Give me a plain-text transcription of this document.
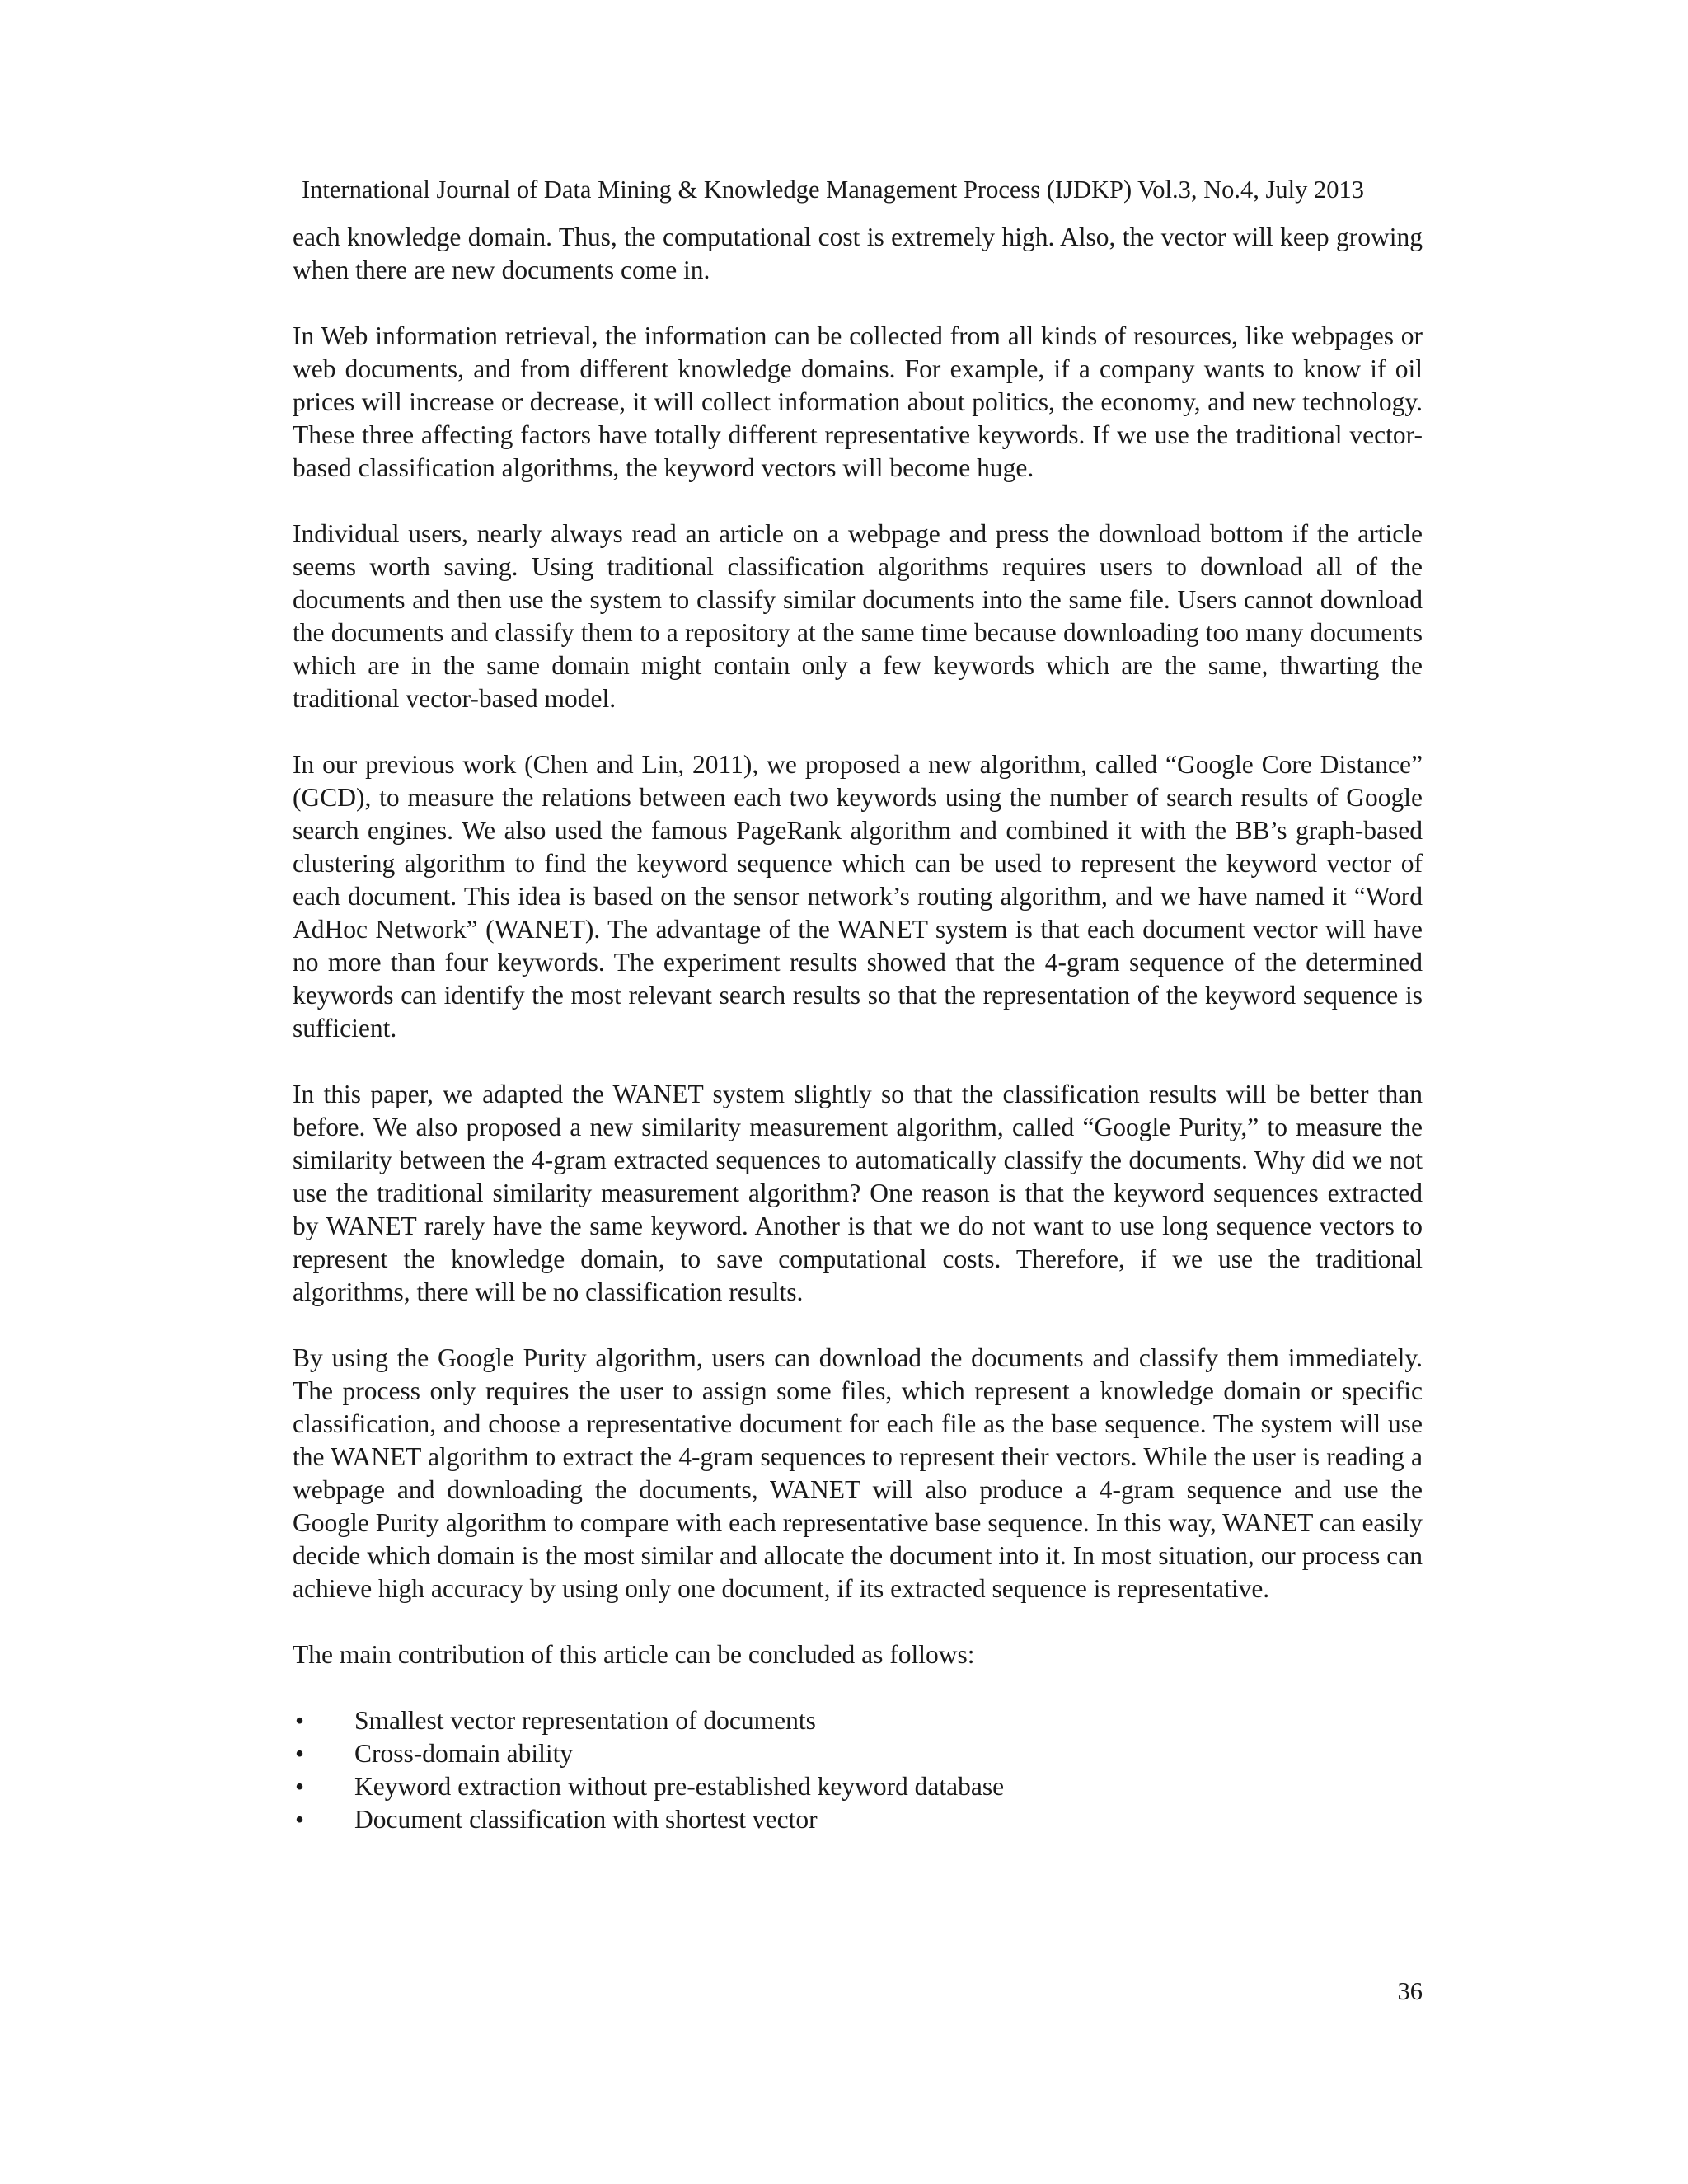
International Journal of Data Mining & Knowledge Management Process (IJDKP) Vol.3, No.4, July 2013

each knowledge domain. Thus, the computational cost is extremely high. Also, the vector will keep growing when there are new documents come in.

In Web information retrieval, the information can be collected from all kinds of resources, like webpages or web documents, and from different knowledge domains. For example, if a company wants to know if oil prices will increase or decrease, it will collect information about politics, the economy, and new technology. These three affecting factors have totally different representative keywords. If we use the traditional vector-based classification algorithms, the keyword vectors will become huge.

Individual users, nearly always read an article on a webpage and press the download bottom if the article seems worth saving. Using traditional classification algorithms requires users to download all of the documents and then use the system to classify similar documents into the same file. Users cannot download the documents and classify them to a repository at the same time because downloading too many documents which are in the same domain might contain only a few keywords which are the same, thwarting the traditional vector-based model.

In our previous work (Chen and Lin, 2011), we proposed a new algorithm, called “Google Core Distance” (GCD), to measure the relations between each two keywords using the number of search results of Google search engines. We also used the famous PageRank algorithm and combined it with the BB’s graph-based clustering algorithm to find the keyword sequence which can be used to represent the keyword vector of each document. This idea is based on the sensor network’s routing algorithm, and we have named it “Word AdHoc Network” (WANET). The advantage of the WANET system is that each document vector will have no more than four keywords. The experiment results showed that the 4-gram sequence of the determined keywords can identify the most relevant search results so that the representation of the keyword sequence is sufficient.

In this paper, we adapted the WANET system slightly so that the classification results will be better than before. We also proposed a new similarity measurement algorithm, called “Google Purity,” to measure the similarity between the 4-gram extracted sequences to automatically classify the documents. Why did we not use the traditional similarity measurement algorithm? One reason is that the keyword sequences extracted by WANET rarely have the same keyword. Another is that we do not want to use long sequence vectors to represent the knowledge domain, to save computational costs. Therefore, if we use the traditional algorithms, there will be no classification results.

By using the Google Purity algorithm, users can download the documents and classify them immediately. The process only requires the user to assign some files, which represent a knowledge domain or specific classification, and choose a representative document for each file as the base sequence. The system will use the WANET algorithm to extract the 4-gram sequences to represent their vectors. While the user is reading a webpage and downloading the documents, WANET will also produce a 4-gram sequence and use the Google Purity algorithm to compare with each representative base sequence. In this way, WANET can easily decide which domain is the most similar and allocate the document into it. In most situation, our process can achieve high accuracy by using only one document, if its extracted sequence is representative.

The main contribution of this article can be concluded as follows:

• Smallest vector representation of documents
• Cross-domain ability
• Keyword extraction without pre-established keyword database
• Document classification with shortest vector
36
